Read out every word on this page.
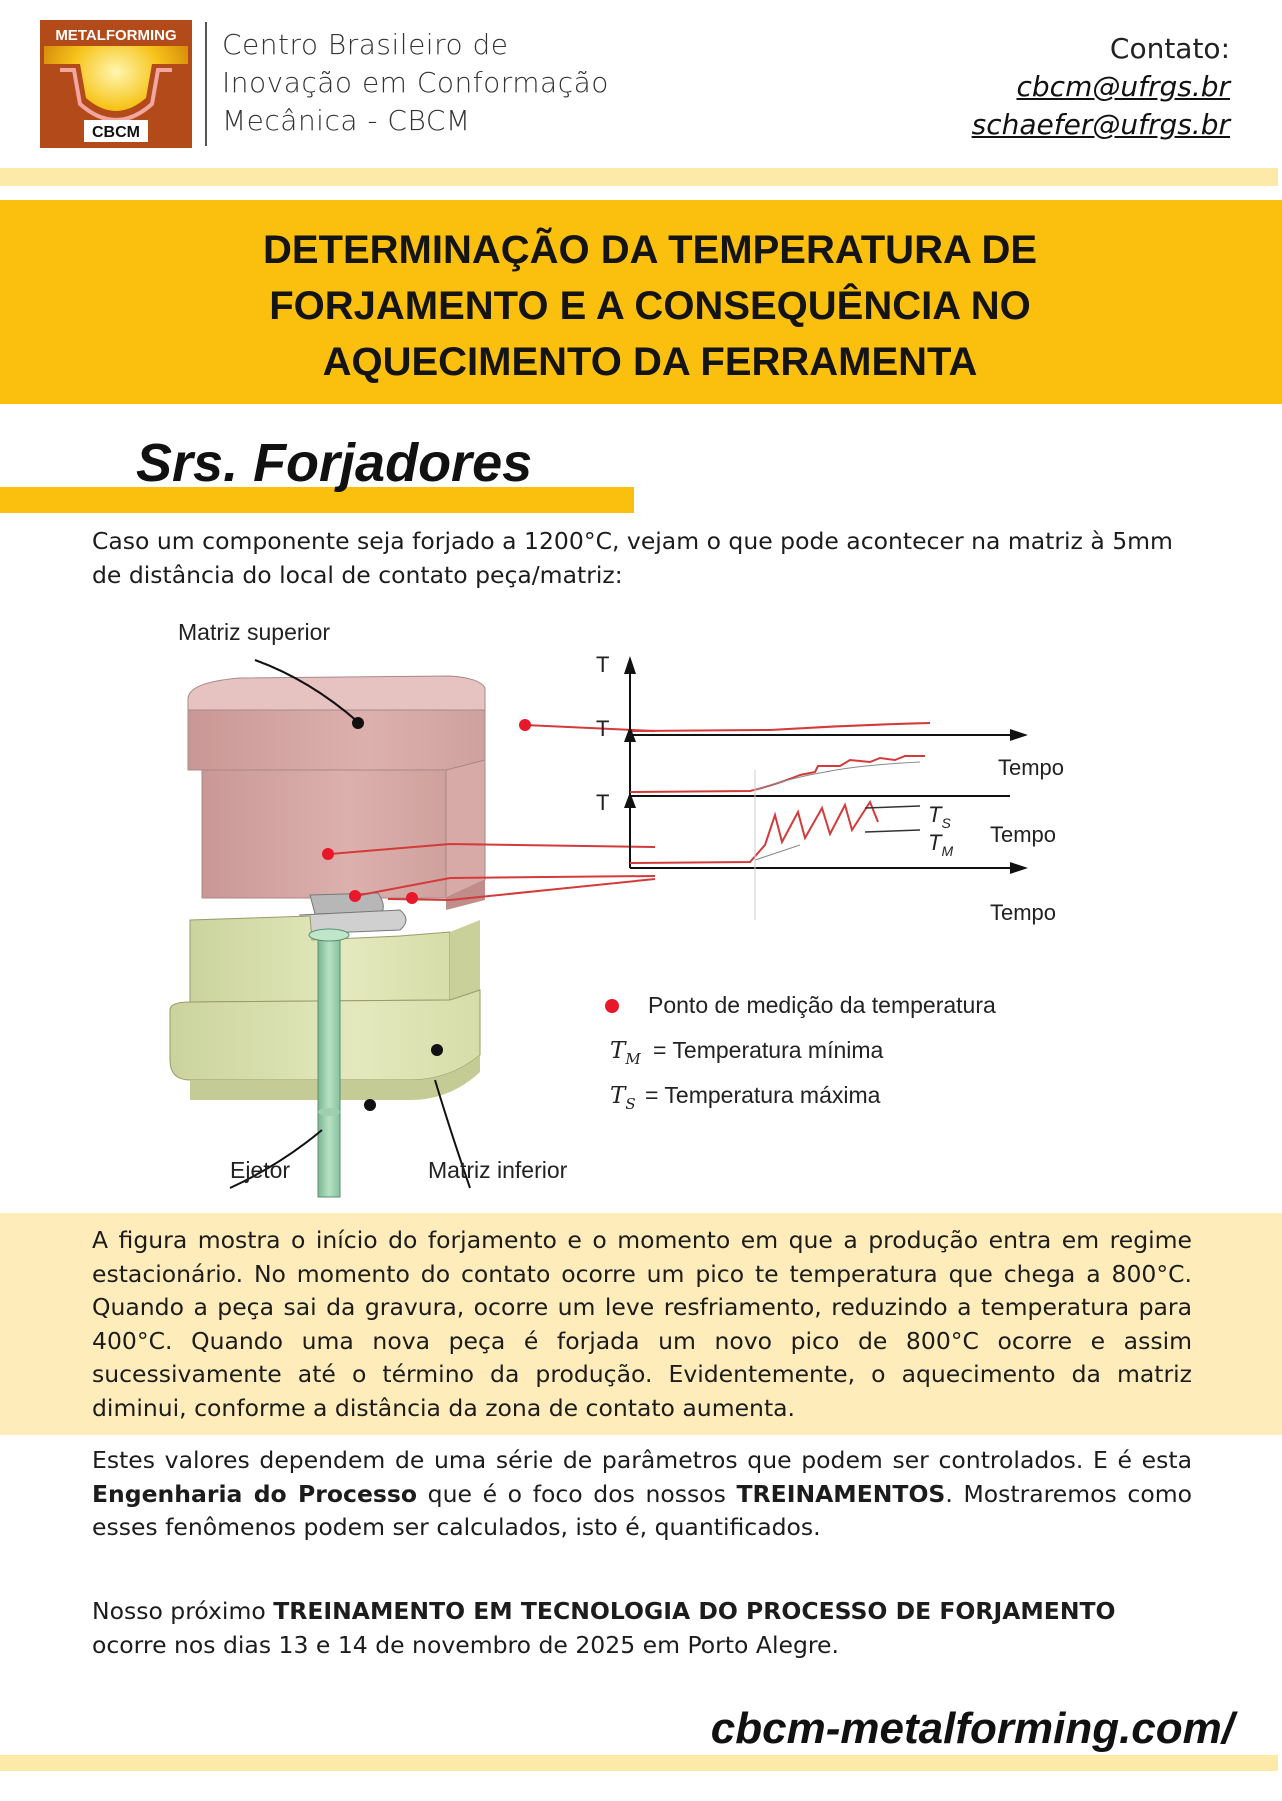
METALFORMING
CBCM
Centro Brasileiro de
Inovação em Conformação
Mecânica - CBCM
Contato:
cbcm@ufrgs.br
schaefer@ufrgs.br
DETERMINAÇÃO DA TEMPERATURA DE
FORJAMENTO E A CONSEQUÊNCIA NO
AQUECIMENTO DA FERRAMENTA
Srs. Forjadores
Caso um componente seja forjado a 1200°C, vejam o que pode acontecer na matriz à 5mm de distância do local de contato peça/matriz:
Matriz superior
Ejetor	Matriz inferior
T
T
Tempo
T	$T_S$
$T_M$
Tempo
Tempo
Ponto de medição da temperatura
$T_M$ = Temperatura mínima
$T_S$ = Temperatura máxima
A figura mostra o início do forjamento e o momento em que a produção entra em regime estacionário. No momento do contato ocorre um pico te temperatura que chega a 800°C. Quando a peça sai da gravura, ocorre um leve resfriamento, reduzindo a temperatura para 400°C. Quando uma nova peça é forjada um novo pico de 800°C ocorre e assim sucessivamente até o término da produção. Evidentemente, o aquecimento da matriz diminui, conforme a distância da zona de contato aumenta.
Estes valores dependem de uma série de parâmetros que podem ser controlados. E é esta Engenharia do Processo que é o foco dos nossos TREINAMENTOS. Mostraremos como esses fenômenos podem ser calculados, isto é, quantificados.
Nosso próximo TREINAMENTO EM TECNOLOGIA DO PROCESSO DE FORJAMENTO ocorre nos dias 13 e 14 de novembro de 2025 em Porto Alegre.
cbcm-metalforming.com/
